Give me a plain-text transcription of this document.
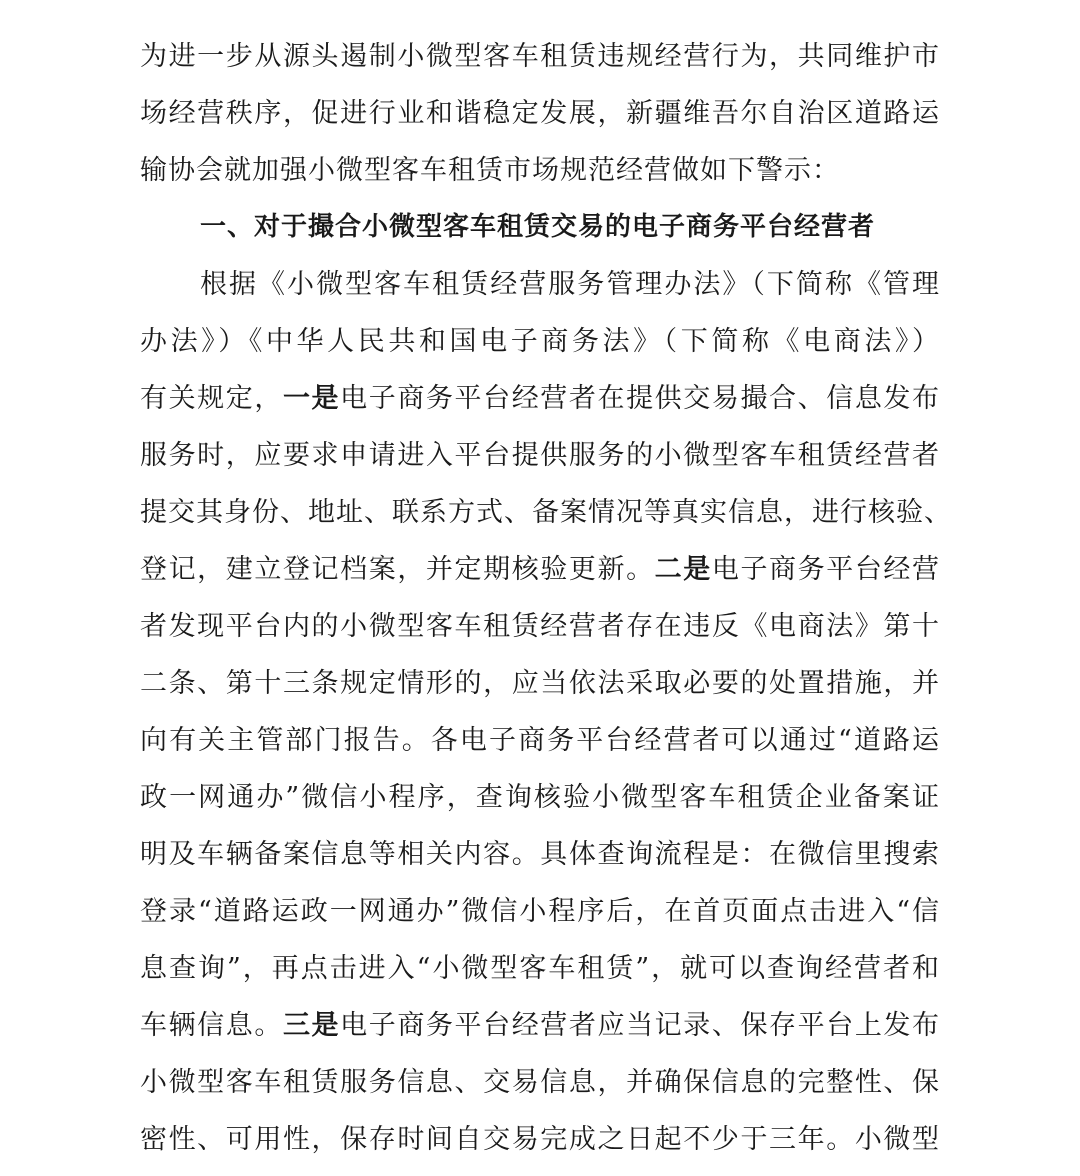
为进一步从源头遏制小微型客车租赁违规经营行为，共同维护市
场经营秩序，促进行业和谐稳定发展，新疆维吾尔自治区道路运
输协会就加强小微型客车租赁市场规范经营做如下警示：
一、对于撮合小微型客车租赁交易的电子商务平台经营者
根据《小微型客车租赁经营服务管理办法》（下简称《管理
办法》）《中华人民共和国电子商务法》（下简称《电商法》）
有关规定，一是电子商务平台经营者在提供交易撮合、信息发布
服务时，应要求申请进入平台提供服务的小微型客车租赁经营者
提交其身份、地址、联系方式、备案情况等真实信息，进行核验、
登记，建立登记档案，并定期核验更新。二是电子商务平台经营
者发现平台内的小微型客车租赁经营者存在违反《电商法》第十
二条、第十三条规定情形的，应当依法采取必要的处置措施，并
向有关主管部门报告。各电子商务平台经营者可以通过“道路运
政一网通办”微信小程序，查询核验小微型客车租赁企业备案证
明及车辆备案信息等相关内容。具体查询流程是：在微信里搜索
登录“道路运政一网通办”微信小程序后，在首页面点击进入“信
息查询”，再点击进入“小微型客车租赁”，就可以查询经营者和
车辆信息。三是电子商务平台经营者应当记录、保存平台上发布
小微型客车租赁服务信息、交易信息，并确保信息的完整性、保
密性、可用性，保存时间自交易完成之日起不少于三年。小微型
